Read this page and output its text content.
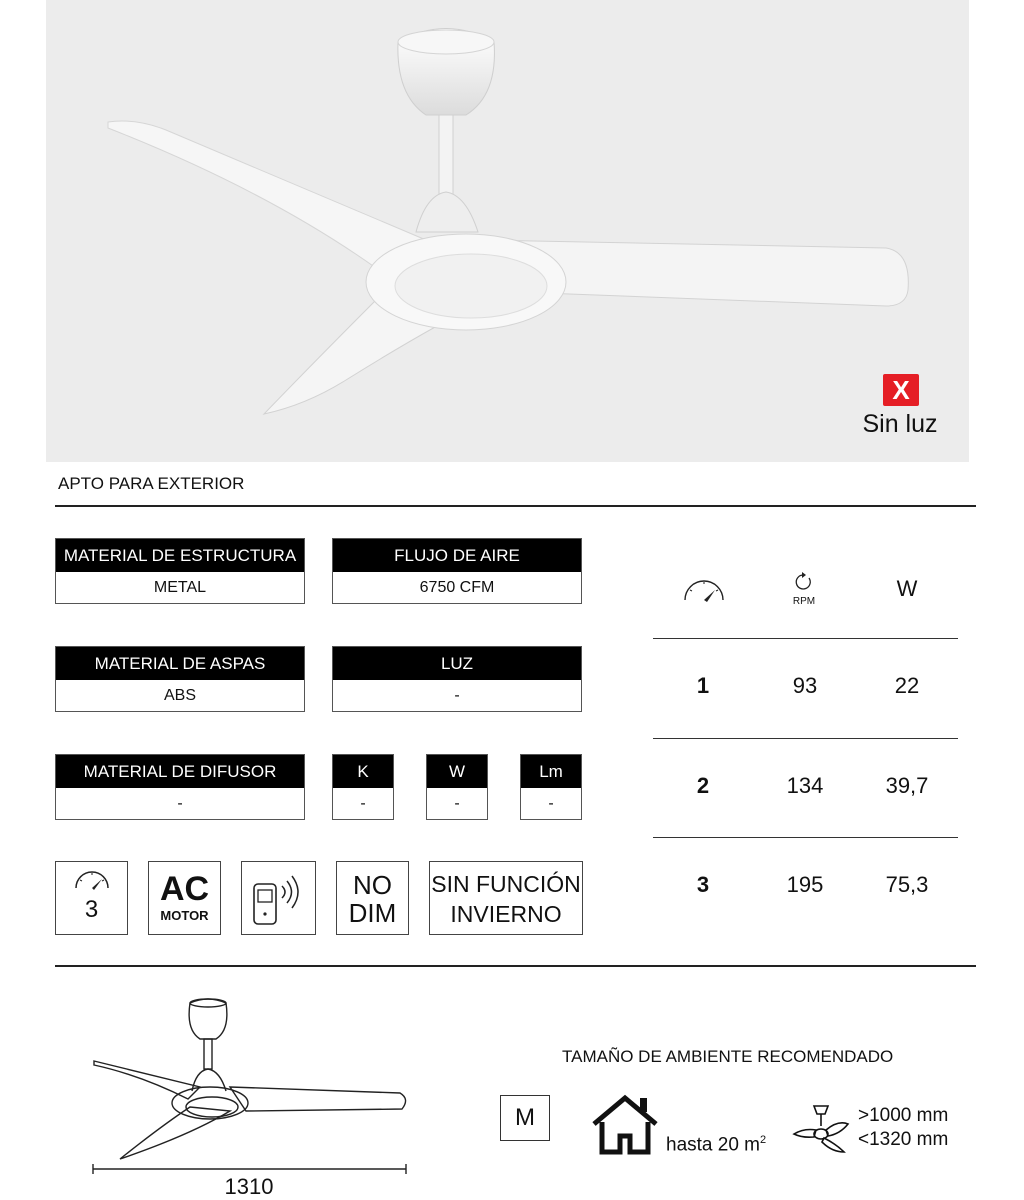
X
Sin luz
APTO PARA EXTERIOR
MATERIAL DE ESTRUCTURA
METAL
FLUJO DE AIRE
6750 CFM
MATERIAL DE ASPAS
ABS
LUZ
-
MATERIAL DE DIFUSOR
-
K
-
W
-
Lm
-
3
AC
MOTOR
NO
DIM
SIN FUNCIÓN
INVIERNO
RPM
W
1	93	22
2	134	39,7
3	195	75,3
1310
TAMAÑO DE AMBIENTE RECOMENDADO
M
hasta 20 $m^2$
>1000 mm
<1320 mm
